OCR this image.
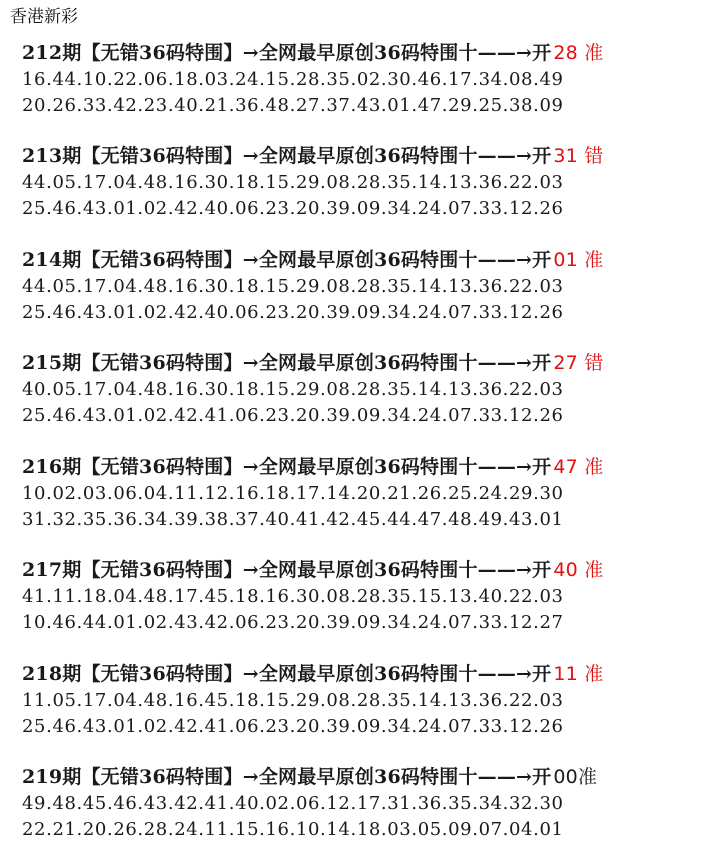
香港新彩
212期【无错36码特围】→全网最早原创36码特围十——→开 28 准
16 . 44 . 10 . 22 . 06 . 18 . 03 . 24 . 15 . 28 . 35 . 02 . 30 . 46 . 17 . 34 . 08 . 49
20 . 26 . 33 . 42 . 23 . 40 . 21 . 36 . 48 . 27 . 37 . 43 . 01 . 47 . 29 . 25 . 38 . 09
213期【无错36码特围】→全网最早原创36码特围十——→开 31 错
44 . 05 . 17 . 04 . 48 . 16 . 30 . 18 . 15 . 29 . 08 . 28 . 35 . 14 . 13 . 36 . 22 . 03
25 . 46 . 43 . 01 . 02 . 42 . 40 . 06 . 23 . 20 . 39 . 09 . 34 . 24 . 07 . 33 . 12 . 26
214期【无错36码特围】→全网最早原创36码特围十——→开 01 准
44 . 05 . 17 . 04 . 48 . 16 . 30 . 18 . 15 . 29 . 08 . 28 . 35 . 14 . 13 . 36 . 22 . 03
25 . 46 . 43 . 01 . 02 . 42 . 40 . 06 . 23 . 20 . 39 . 09 . 34 . 24 . 07 . 33 . 12 . 26
215期【无错36码特围】→全网最早原创36码特围十——→开 27 错
40 . 05 . 17 . 04 . 48 . 16 . 30 . 18 . 15 . 29 . 08 . 28 . 35 . 14 . 13 . 36 . 22 . 03
25 . 46 . 43 . 01 . 02 . 42 . 41 . 06 . 23 . 20 . 39 . 09 . 34 . 24 . 07 . 33 . 12 . 26
216期【无错36码特围】→全网最早原创36码特围十——→开 47 准
10 . 02 . 03 . 06 . 04 . 11 . 12 . 16 . 18 . 17 . 14 . 20 . 21 . 26 . 25 . 24 . 29 . 30
31 . 32 . 35 . 36 . 34 . 39 . 38 . 37 . 40 . 41 . 42 . 45 . 44 . 47 . 48 . 49 . 43 . 01
217期【无错36码特围】→全网最早原创36码特围十——→开 40 准
41 . 11 . 18 . 04 . 48 . 17 . 45 . 18 . 16 . 30 . 08 . 28 . 35 . 15 . 13 . 40 . 22 . 03
10 . 46 . 44 . 01 . 02 . 43 . 42 . 06 . 23 . 20 . 39 . 09 . 34 . 24 . 07 . 33 . 12 . 27
218期【无错36码特围】→全网最早原创36码特围十——→开 11 准
11 . 05 . 17 . 04 . 48 . 16 . 45 . 18 . 15 . 29 . 08 . 28 . 35 . 14 . 13 . 36 . 22 . 03
25 . 46 . 43 . 01 . 02 . 42 . 41 . 06 . 23 . 20 . 39 . 09 . 34 . 24 . 07 . 33 . 12 . 26
219期【无错36码特围】→全网最早原创36码特围十——→开 00准
49 . 48 . 45 . 46 . 43 . 42 . 41 . 40 . 02 . 06 . 12 . 17 . 31 . 36 . 35 . 34 . 32 . 30
22 . 21 . 20 . 26 . 28 . 24 . 11 . 15 . 16 . 10 . 14 . 18 . 03 . 05 . 09 . 07 . 04 . 01
